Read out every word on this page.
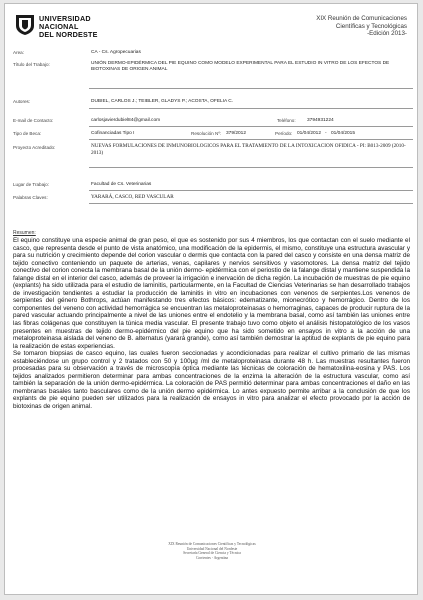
UNIVERSIDAD
NACIONAL
DEL NORDESTE
XIX Reunión de Comunicaciones
Científicas y Tecnológicas
-Edición 2013-
Area:	CA - Cs. Agropecuarias
Título del Trabajo:	UNIÓN DERMO-EPIDÉRMICA DEL PIE EQUINO COMO MODELO EXPERIMENTAL PARA EL ESTUDIO IN VITRO DE LOS EFECTOS DE BIOTOXINAS DE ORIGEN ANIMAL
Autores:	DUBIEL, CARLOS J.; TEIBLER, GLADYS P.; ACOSTA, OFELIA C.
E-mail de Contacto:	carlosjavierdubiel84@gmail.com	Teléfono: 3794931224
Tipo de Beca:	Cofinanciadas Tipo I	Resolución Nº: 379/2012	Período: 01/04/2012 - 01/04/2015
Proyecto Acreditado:	NUEVAS FORMULACIONES DE INMUNOBIOLOGICOS PARA EL TRATAMIENTO DE LA INTOXICACION OFIDICA - PI: B013-2009 (2010-2013)
Lugar de Trabajo:	Facultad de Cs. Veterinarias
Palabras Claves:	YARARÁ, CASCO, RED VASCULAR
Resumen:

El equino constituye una especie animal de gran peso, el que es sostenido por sus 4 miembros, los que contactan con el suelo mediante el casco, que representa desde el punto de vista anatómico, una modificación de la epidermis, el mismo, constituye una estructura avascular y para su nutrición y crecimiento depende del corion vascular o dermis que contacta con la pared del casco y consiste en una densa matriz de tejido conectivo conteniendo un paquete de arterias, venas, capilares y nervios sensitivos y vasomotores. La densa matriz del tejido conectivo del corion conecta la membrana basal de la unión dermo- epidérmica con el periostio de la falange distal y mantiene suspendida la falange distal en el interior del casco, además de proveer la irrigación e inervación de dicha región. La incubación de muestras de pie equino (explants) ha sido utilizada para el estudio de laminitis, particularmente, en la Facultad de Ciencias Veterinarias se han desarrollado trabajos de investigación tendientes a estudiar la producción de laminitis in vitro en incubaciones con venenos de serpientes.Los venenos de serpientes del género Bothrops, actúan manifestando tres efectos básicos: edematizante, mionecrótico y hemorrágico. Dentro de los componentes del veneno con actividad hemorrágica se encuentran las metaloproteinasas o hemorraginas, capaces de producir ruptura de la pared vascular actuando principalmente a nivel de las uniones entre el endotelio y la membrana basal, como así también las uniones entre las fibras colágenas que constituyen la túnica media vascular. El presente trabajo tuvo como objeto el análisis histopatológico de los vasos presentes en muestras de tejido dermo-epidérmico del pie equino que ha sido sometido en ensayos in vitro a la acción de una metaloproteinasa aislada del veneno de B. alternatus (yarará grande), como así también demostrar la aptitud de explants de pie equino para la realización de estas experiencias.

Se tomaron biopsias de casco equino, las cuales fueron seccionadas y acondicionadas para realizar el cultivo primario de las mismas estableciéndose un grupo control y 2 tratados con 50 y 100µg /ml de metaloproteinasa durante 48 h. Las muestras resultantes fueron procesadas para su observación a través de microscopía óptica mediante las técnicas de coloración de hematoxilina-eosina y PAS. Los tejidos analizados permitieron determinar para ambas concentraciones de la enzima la alteración de la estructura vascular, como así también la separación de la unión dermo-epidérmica. La coloración de PAS permitió determinar para ambas concentraciones el daño en las membranas basales tanto basculares como de la unión dermo epidérmica. Lo antes expuesto permite arribar a la conclusión de que los explants de pie equino pueden ser utilizados para la realización de ensayos in vitro para analizar el efecto provocado por la acción de biotoxinas de origen animal.

XIX Reunión de Comunicaciones Científicas y Tecnológicas
Universidad Nacional del Nordeste
Secretaría General de Ciencia y Técnica
Corrientes - Argentina
